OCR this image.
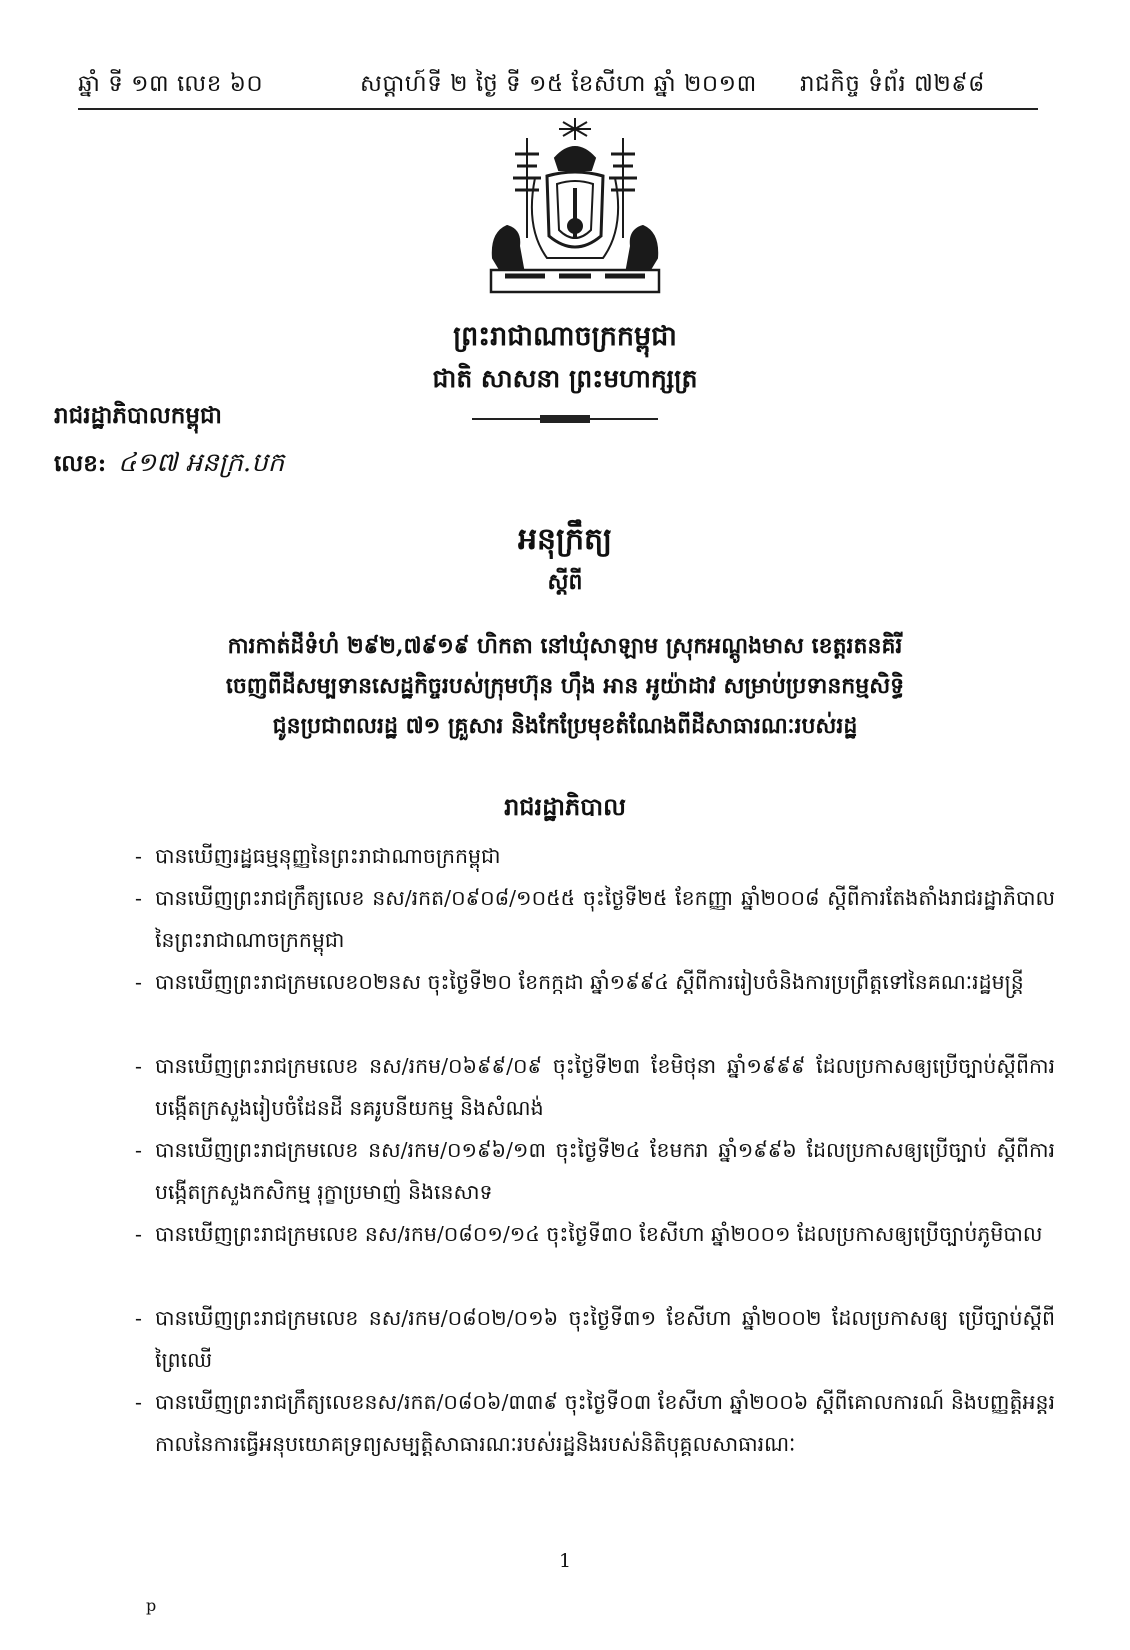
ឆ្នាំ ទី ១៣ លេខ ៦០	សប្តាហ៍ទី ២ ថ្ងៃ ទី ១៥ ខែសីហា ឆ្នាំ ២០១៣ រាជកិច្ច ទំព័រ ៧២៩៨
ព្រះរាជាណាចក្រកម្ពុជា
ជាតិ សាសនា ព្រះមហាក្សត្រ
រាជរដ្ឋាភិបាលកម្ពុជា
លេខ: ៤១៧ អនក្រ.បក
អនុក្រឹត្យ
ស្តីពី
ការកាត់ដីទំហំ ២៩២,៧៩១៩ ហិកតា នៅឃុំសាឡាម ស្រុកអណ្តូងមាស ខេត្តរតនគិរី
ចេញពីដីសម្បទានសេដ្ឋកិច្ចរបស់ក្រុមហ៊ុន ហ៊ឹង អាន អូយ៉ាដាវ សម្រាប់ប្រទានកម្មសិទ្ធិ
ជូនប្រជាពលរដ្ឋ ៧១ គ្រួសារ និងកែប្រែមុខតំណែងពីដីសាធារណៈរបស់រដ្ឋ
រាជរដ្ឋាភិបាល
- បានឃើញរដ្ឋធម្មនុញ្ញនៃព្រះរាជាណាចក្រកម្ពុជា
- បានឃើញព្រះរាជក្រឹត្យលេខ នស/រកត/០៩០៨/១០៥៥ ចុះថ្ងៃទី២៥ ខែកញ្ញា ឆ្នាំ២០០៨ ស្តីពីការតែងតាំងរាជរដ្ឋាភិបាលនៃព្រះរាជាណាចក្រកម្ពុជា
- បានឃើញព្រះរាជក្រមលេខ០២នស ចុះថ្ងៃទី២០ ខែកក្កដា ឆ្នាំ១៩៩៤ ស្តីពីការរៀបចំនិងការប្រព្រឹត្តទៅនៃគណៈរដ្ឋមន្ត្រី
- បានឃើញព្រះរាជក្រមលេខ នស/រកម/០៦៩៩/០៩ ចុះថ្ងៃទី២៣ ខែមិថុនា ឆ្នាំ១៩៩៩ ដែលប្រកាសឲ្យប្រើច្បាប់ស្តីពីការបង្កើតក្រសួងរៀបចំដែនដី នគរូបនីយកម្ម និងសំណង់
- បានឃើញព្រះរាជក្រមលេខ នស/រកម/០១៩៦/១៣ ចុះថ្ងៃទី២៤ ខែមករា ឆ្នាំ១៩៩៦ ដែលប្រកាសឲ្យប្រើច្បាប់ ស្តីពីការបង្កើតក្រសួងកសិកម្ម រុក្ខាប្រមាញ់ និងនេសាទ
- បានឃើញព្រះរាជក្រមលេខ នស/រកម/០៨០១/១៤ ចុះថ្ងៃទី៣០ ខែសីហា ឆ្នាំ២០០១ ដែលប្រកាសឲ្យប្រើច្បាប់ភូមិបាល
- បានឃើញព្រះរាជក្រមលេខ នស/រកម/០៨០២/០១៦ ចុះថ្ងៃទី៣១ ខែសីហា ឆ្នាំ២០០២ ដែលប្រកាសឲ្យ ប្រើច្បាប់ស្តីពីព្រៃឈើ
- បានឃើញព្រះរាជក្រឹត្យលេខនស/រកត/០៨០៦/៣៣៩ ចុះថ្ងៃទី០៣ ខែសីហា ឆ្នាំ២០០៦ ស្តីពីគោលការណ៍ និងបញ្ញត្តិអន្តរកាលនៃការធ្វើអនុបយោគទ្រព្យសម្បត្តិសាធារណៈរបស់រដ្ឋនិងរបស់និតិបុគ្គលសាធារណៈ
1
p
